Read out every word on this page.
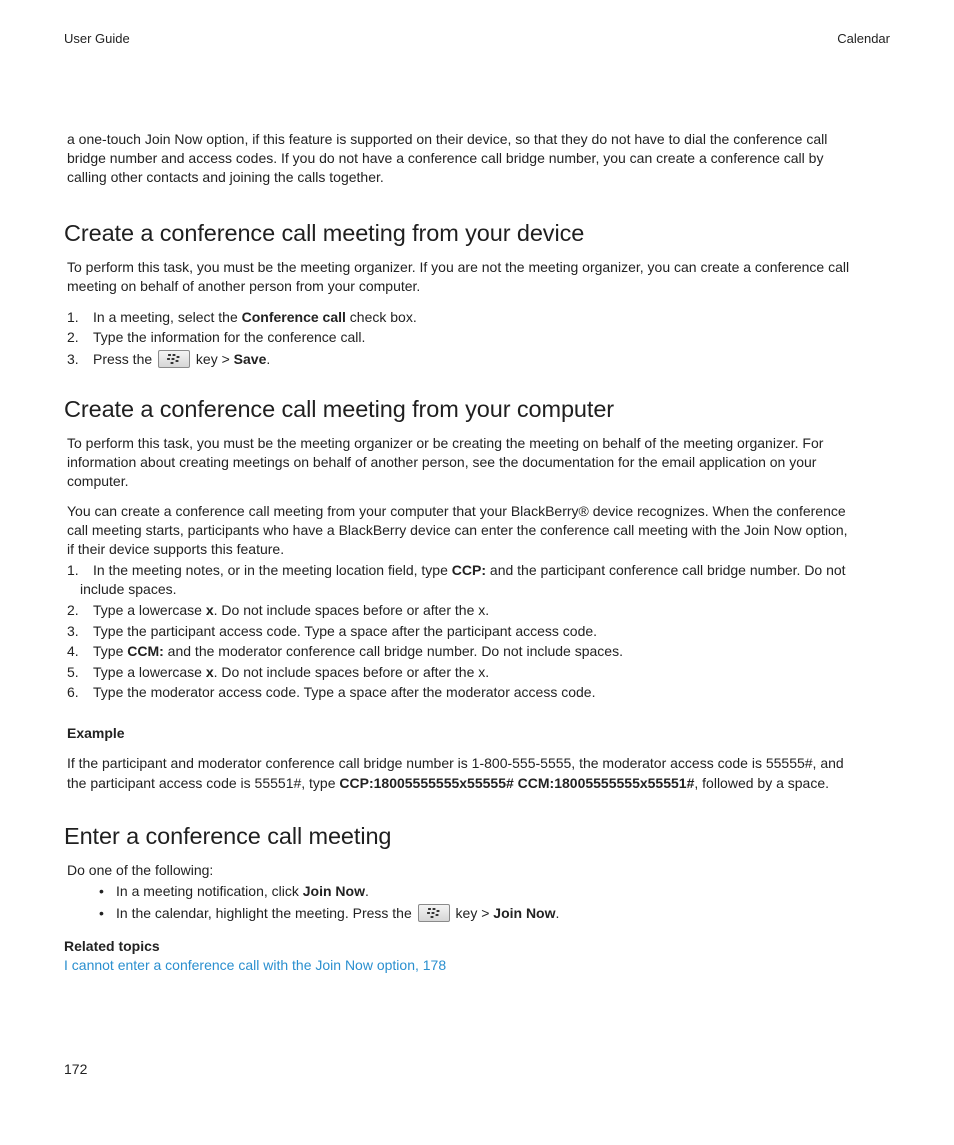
User Guide	Calendar

a one-touch Join Now option, if this feature is supported on their device, so that they do not have to dial the conference call
bridge number and access codes. If you do not have a conference call bridge number, you can create a conference call by
calling other contacts and joining the calls together.

Create a conference call meeting from your device

To perform this task, you must be the meeting organizer. If you are not the meeting organizer, you can create a conference call
meeting on behalf of another person from your computer.

1. In a meeting, select the Conference call check box.
2. Type the information for the conference call.
3. Press the	key > Save.
Create a conference call meeting from your computer

To perform this task, you must be the meeting organizer or be creating the meeting on behalf of the meeting organizer. For
information about creating meetings on behalf of another person, see the documentation for the email application on your
computer.

You can create a conference call meeting from your computer that your BlackBerry® device recognizes. When the conference
call meeting starts, participants who have a BlackBerry device can enter the conference call meeting with the Join Now option,
if their device supports this feature.

1. In the meeting notes, or in the meeting location field, type CCP: and the participant conference call bridge number. Do not
include spaces.
2. Type a lowercase x. Do not include spaces before or after the x.
3. Type the participant access code. Type a space after the participant access code.
4. Type CCM: and the moderator conference call bridge number. Do not include spaces.
5. Type a lowercase x. Do not include spaces before or after the x.
6. Type the moderator access code. Type a space after the moderator access code.
Example

If the participant and moderator conference call bridge number is 1-800-555-5555, the moderator access code is 55555#, and
the participant access code is 55551#, type CCP:18005555555x55555# CCM:18005555555x55551#, followed by a space.

Enter a conference call meeting
Do one of the following:
• In a meeting notification, click Join Now.
• In the calendar, highlight the meeting. Press the	key > Join Now.
Related topics
I cannot enter a conference call with the Join Now option, 178
172
